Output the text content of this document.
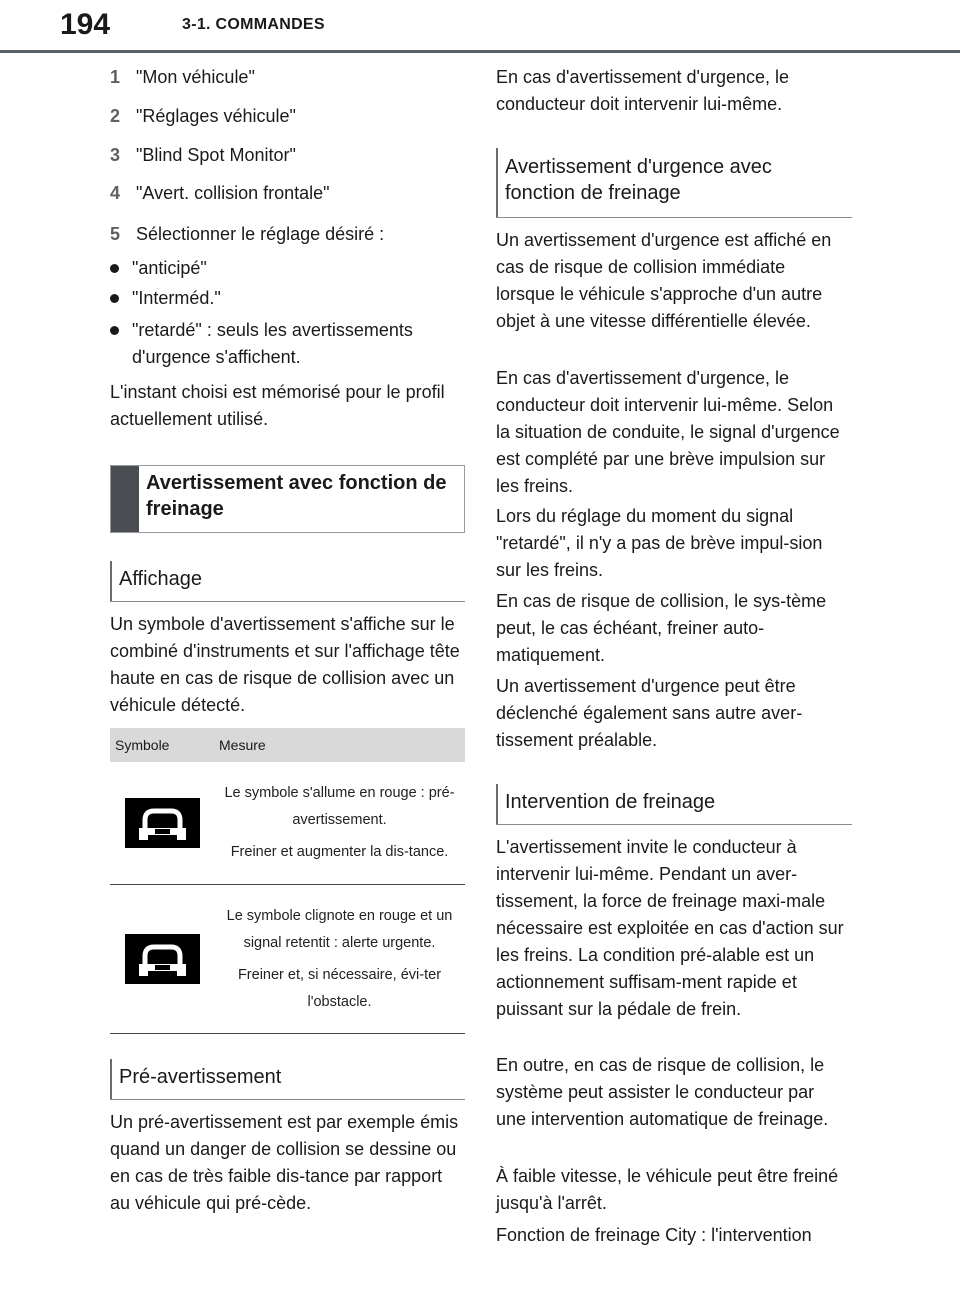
194	3-1. COMMANDES
1 "Mon véhicule"
2 "Réglages véhicule"
3 "Blind Spot Monitor"
4 "Avert. collision frontale"
5 Sélectionner le réglage désiré :
"anticipé"
"Interméd."
"retardé" : seuls les avertissements d'urgence s'affichent.
L'instant choisi est mémorisé pour le profil actuellement utilisé.
Avertissement avec fonction de freinage
Affichage
Un symbole d'avertissement s'affiche sur le combiné d'instruments et sur l'affichage tête haute en cas de risque de collision avec un véhicule détecté.
Symbole	Mesure

Le symbole s'allume en rouge : pré-avertissement.

Freiner et augmenter la dis-tance.

Le symbole clignote en rouge et un signal retentit : alerte urgente.

Freiner et, si nécessaire, évi-ter l'obstacle.

Pré-avertissement
Un pré-avertissement est par exemple émis quand un danger de collision se dessine ou en cas de très faible dis-tance par rapport au véhicule qui pré-cède.
En cas d'avertissement d'urgence, le conducteur doit intervenir lui-même.
Avertissement d'urgence avec fonction de freinage
Un avertissement d'urgence est affiché en cas de risque de collision immédiate lorsque le véhicule s'approche d'un autre objet à une vitesse différentielle élevée.
En cas d'avertissement d'urgence, le conducteur doit intervenir lui-même. Selon la situation de conduite, le signal d'urgence est complété par une brève impulsion sur les freins.
Lors du réglage du moment du signal "retardé", il n'y a pas de brève impul-sion sur les freins.
En cas de risque de collision, le sys-tème peut, le cas échéant, freiner auto-matiquement.
Un avertissement d'urgence peut être déclenché également sans autre aver-tissement préalable.
Intervention de freinage
L'avertissement invite le conducteur à intervenir lui-même. Pendant un aver-tissement, la force de freinage maxi-male nécessaire est exploitée en cas d'action sur les freins. La condition pré-alable est un actionnement suffisam-ment rapide et puissant sur la pédale de frein.
En outre, en cas de risque de collision, le système peut assister le conducteur par une intervention automatique de freinage.
À faible vitesse, le véhicule peut être freiné jusqu'à l'arrêt.
Fonction de freinage City : l'intervention
